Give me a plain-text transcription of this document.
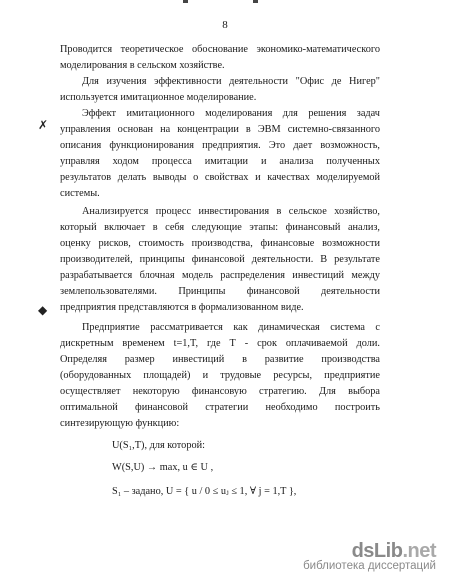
8
Проводится теоретическое обоснование экономико-математического
моделирования в сельском хозяйстве.
Для изучения эффективности деятельности "Офис де Нигер"
используется имитационное моделирование.
✗
Эффект имитационного моделирования для решения задач
управления основан на концентрации в ЭВМ системно-связанного
описания функционирования предприятия. Это дает возможность,
управляя ходом процесса имитации и анализа полученных
результатов делать выводы о свойствах и качествах моделируемой
системы.
Анализируется процесс инвестирования в сельское хозяйство,
который включает в себя следующие этапы: финансовый анализ,
оценку рисков, стоимость производства, финансовые возможности
производителей, принципы финансовой деятельности. В результате
разрабатывается блочная модель распределения инвестиций между
землепользователями. Принципы финансовой деятельности
предприятия представляются в формализованном виде.
◆
Предприятие рассматривается как динамическая система с
дискретным временем t=1,T, где Т - срок оплачиваемой доли.
Определяя размер инвестиций в развитие производства
(оборудованных площадей) и трудовые ресурсы, предприятие
осуществляет некоторую финансовую стратегию. Для выбора
оптимальной финансовой стратегии необходимо построить
синтезирующую функцию:
U(S₁,T), для которой:
W(S,U) → max, u ∈ U ,
S₁ – задано, U = { u / 0 ≤ uⱼ ≤ 1, ∀ j = 1,T },
dsLib.net
библиотека диссертаций
